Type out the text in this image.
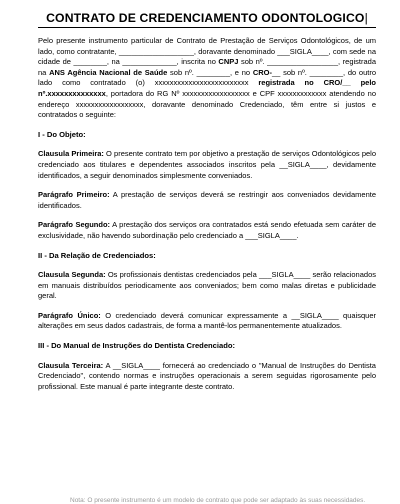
CONTRATO DE CREDENCIAMENTO ODONTOLOGICO|

Pelo presente instrumento particular de Contrato de Prestação de Serviços Odontológicos, de um lado, como contratante, __________________, doravante denominado ___SIGLA____, com sede na cidade de ________, na _____________, inscrita no CNPJ sob nº. _________________, registrada na ANS Agência Nacional de Saúde sob nº. ________, e no CRO-__ sob nº. ________, do outro lado como contratado (o) xxxxxxxxxxxxxxxxxxxxxxxxx registrada no CRO/__ pelo nº.xxxxxxxxxxxxxx, portadora do RG Nº xxxxxxxxxxxxxxxxxx e CPF xxxxxxxxxxxxx atendendo no endereço xxxxxxxxxxxxxxxxxx, doravante denominado Credenciado, têm entre si justos e contratados o seguinte:

I - Do Objeto:

Clausula Primeira: O presente contrato tem por objetivo a prestação de serviços Odontológicos pelo credenciado aos titulares e dependentes associados inscritos pela __SIGLA____, devidamente identificados, a seguir denominados simplesmente conveniados.

Parágrafo Primeiro: A prestação de serviços deverá se restringir aos conveniados devidamente identificados.

Parágrafo Segundo: A prestação dos serviços ora contratados está sendo efetuada sem caráter de exclusividade, não havendo subordinação pelo credenciado a ___SIGLA____.

II - Da Relação de Credenciados:

Clausula Segunda: Os profissionais dentistas credenciados pela ___SIGLA____ serão relacionados em manuais distribuídos periodicamente aos conveniados; bem como malas diretas e publicidade geral.

Parágrafo Único: O credenciado deverá comunicar expressamente a __SIGLA____ quaisquer alterações em seus dados cadastrais, de forma a mantê-los permanentemente atualizados.

III - Do Manual de Instruções do Dentista Credenciado:

Clausula Terceira: A __SIGLA____ fornecerá ao credenciado o "Manual de Instruções do Dentista Credenciado", contendo normas e instruções operacionais a serem seguidas rigorosamente pelo profissional. Este manual é parte integrante deste contrato.

Nota: O presente instrumento é um modelo de contrato que pode ser adaptado às suas necessidades.
